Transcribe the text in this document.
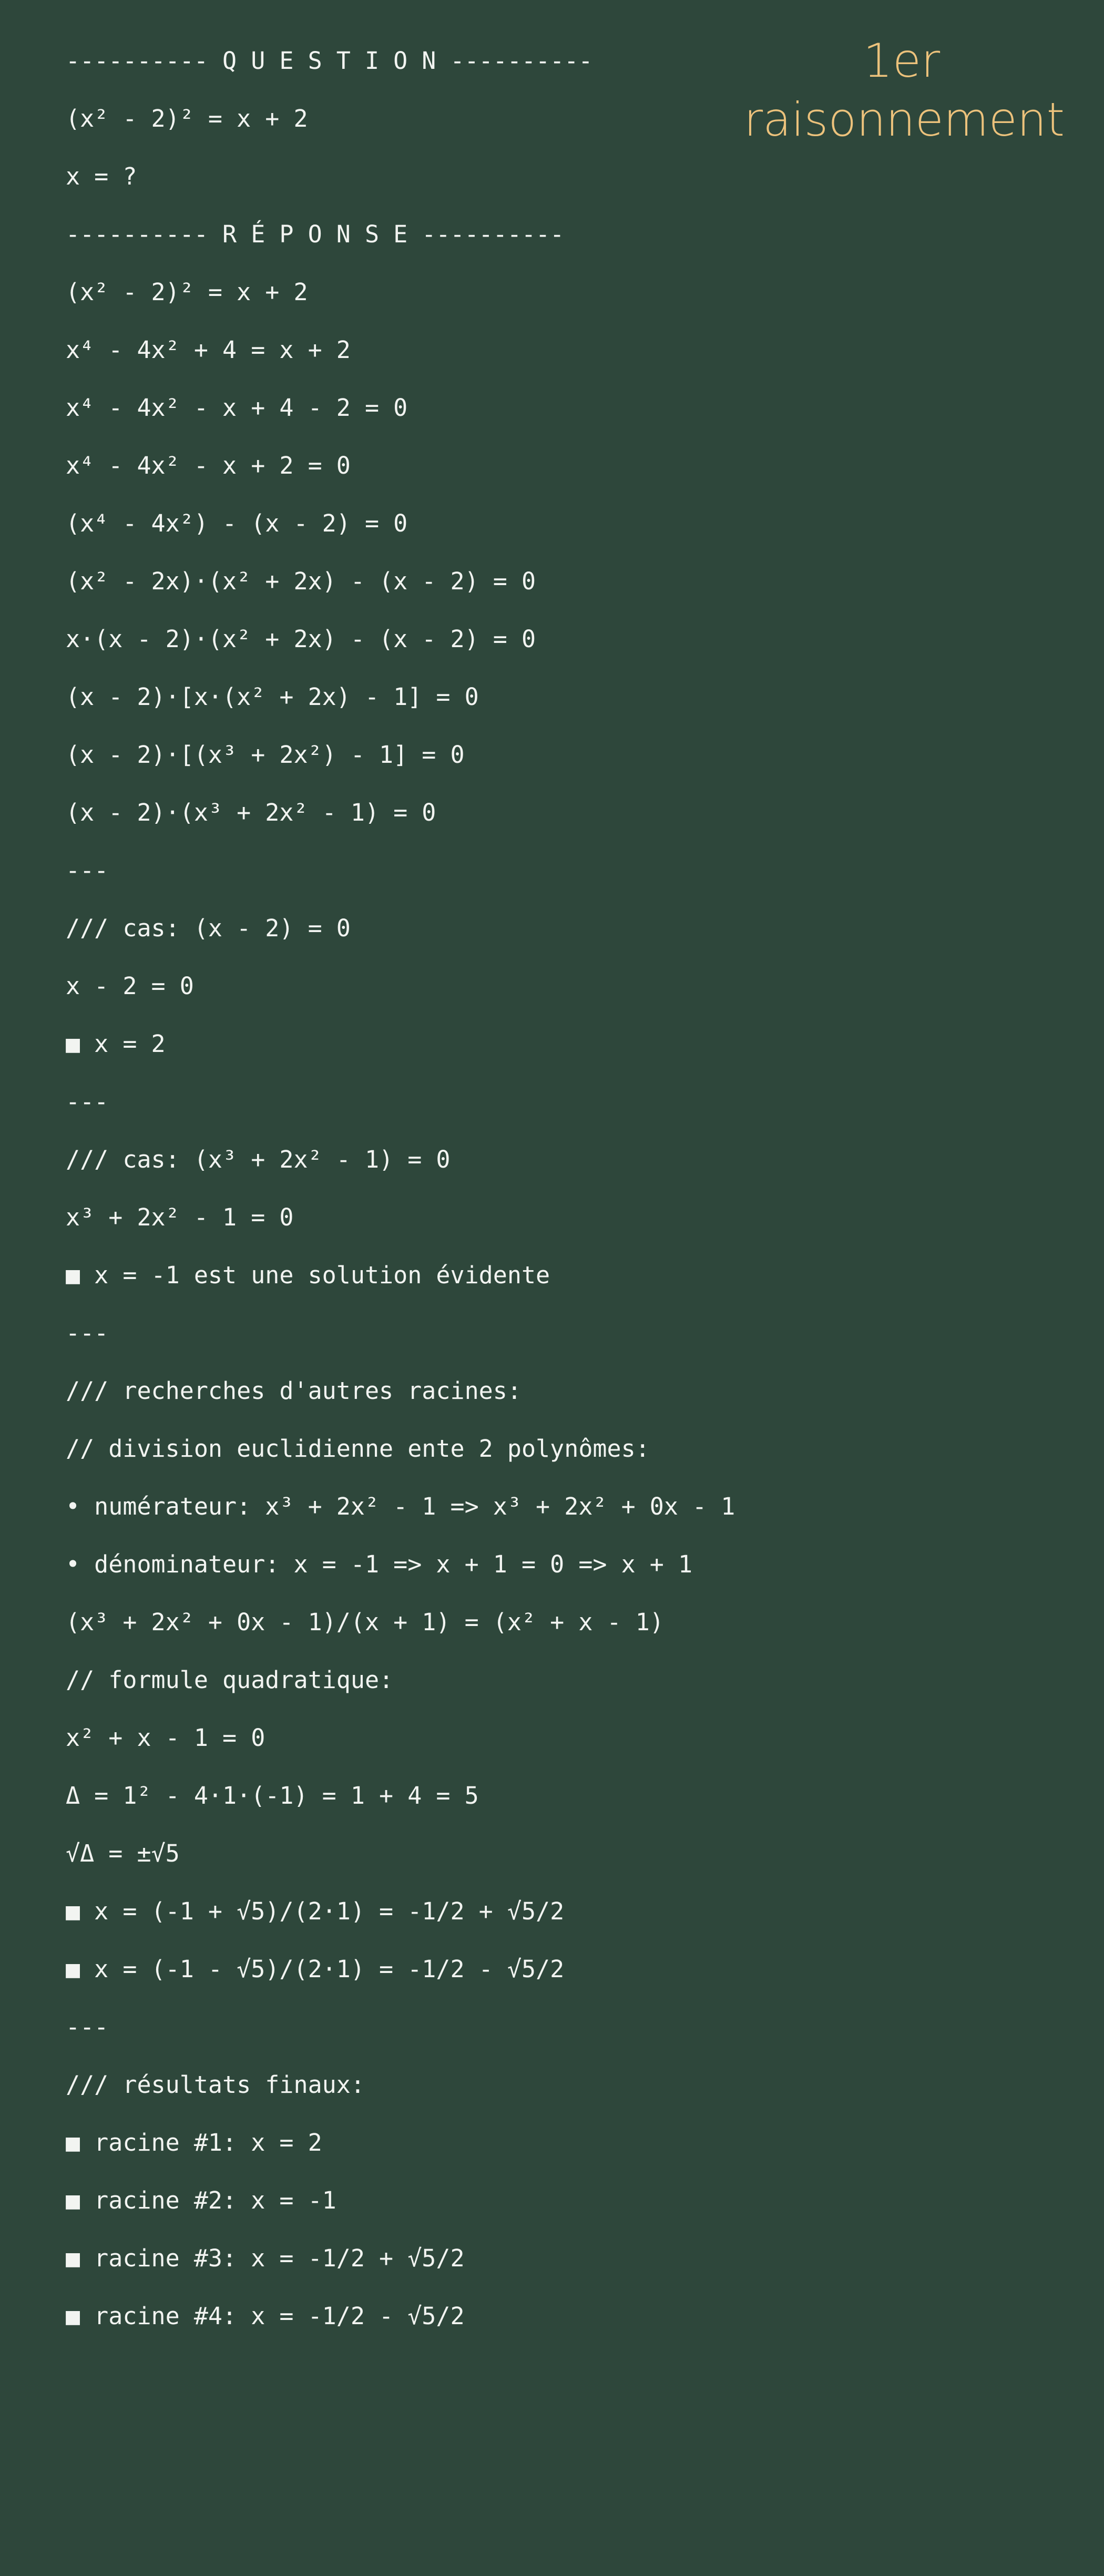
1er
raisonnement
---------- Q U E S T I O N ----------
(x² - 2)² = x + 2
x = ?
---------- R É P O N S E ----------
(x² - 2)² = x + 2
x⁴ - 4x² + 4 = x + 2
x⁴ - 4x² - x + 4 - 2 = 0
x⁴ - 4x² - x + 2 = 0
(x⁴ - 4x²) - (x - 2) = 0
(x² - 2x)·(x² + 2x) - (x - 2) = 0
x·(x - 2)·(x² + 2x) - (x - 2) = 0
(x - 2)·[x·(x² + 2x) - 1] = 0
(x - 2)·[(x³ + 2x²) - 1] = 0
(x - 2)·(x³ + 2x² - 1) = 0
---
/// cas: (x - 2) = 0
x - 2 = 0
■ x = 2
---
/// cas: (x³ + 2x² - 1) = 0
x³ + 2x² - 1 = 0
■ x = -1 est une solution évidente
---
/// recherches d'autres racines:
// division euclidienne ente 2 polynômes:
• numérateur: x³ + 2x² - 1 => x³ + 2x² + 0x - 1
• dénominateur: x = -1 => x + 1 = 0 => x + 1
(x³ + 2x² + 0x - 1)/(x + 1) = (x² + x - 1)
// formule quadratique:
x² + x - 1 = 0
Δ = 1² - 4·1·(-1) = 1 + 4 = 5
√Δ = ±√5
■ x = (-1 + √5)/(2·1) = -1/2 + √5/2
■ x = (-1 - √5)/(2·1) = -1/2 - √5/2
---
/// résultats finaux:
■ racine #1: x = 2
■ racine #2: x = -1
■ racine #3: x = -1/2 + √5/2
■ racine #4: x = -1/2 - √5/2
